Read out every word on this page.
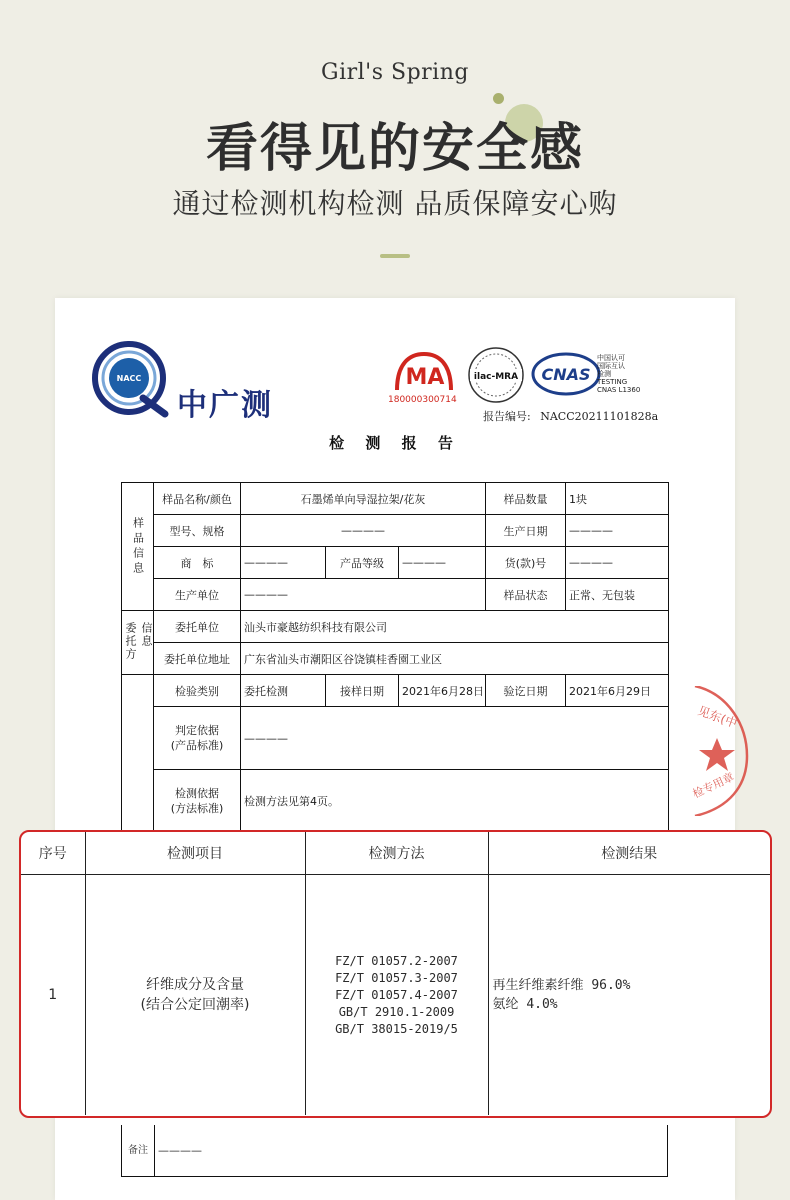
Girl's Spring
看得见的安全感
通过检测机构检测 品质保障安心购
NACC
中广测
MA
180000300714
ilac-MRA CNAS
中国认可
国际互认
检测
TESTING
CNAS L1360
报告编号: NACC20211101828a
检 测 报 告
样品信息	样品名称/颜色	石墨烯单向导湿拉架/花灰			样品数量	1块
	型号、规格	————			生产日期	————
	商　标	————	产品等级	————	货(款)号	————
	生产单位	————			样品状态	正常、无包装
委托方 信息	委托单位	汕头市豪越纺织科技有限公司				
	委托单位地址	广东省汕头市潮阳区谷饶镇桂香園工业区				
	检验类别	委托检测	接样日期	2021年6月28日	验讫日期	2021年6月29日

	判定依据
(产品标准)	————				

	检测依据
(方法标准)	检测方法见第4页。				
见东(中
检专用章
备注 ————
序号	检测项目	检测方法	检测结果
1	纤维成分及含量
(结合公定回潮率)	FZ/T 01057.2-2007
FZ/T 01057.3-2007
FZ/T 01057.4-2007
GB/T 2910.1-2009
GB/T 38015-2019/5	再生纤维素纤维 96.0%
氨纶 4.0%
